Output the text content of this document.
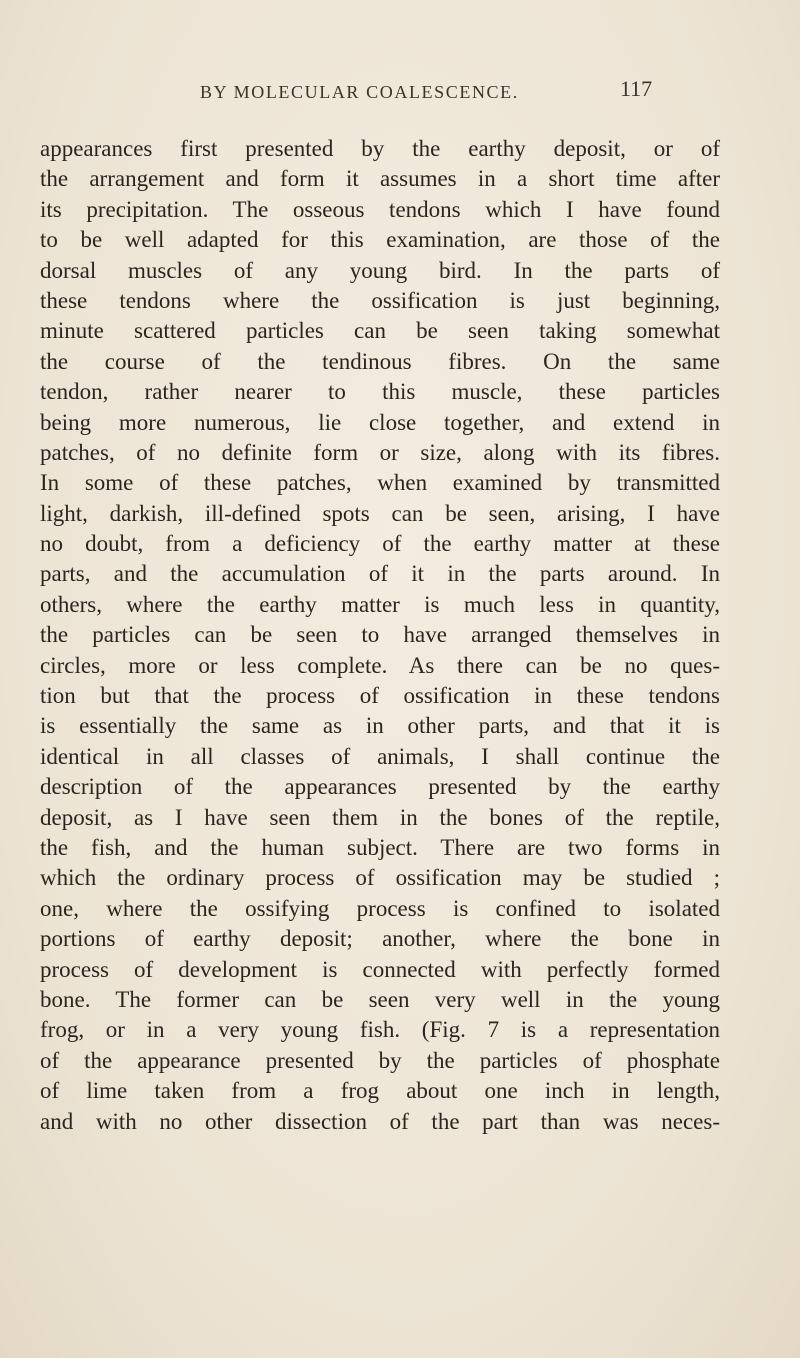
BY MOLECULAR COALESCENCE.	117
appearances first presented by the earthy deposit, or of
the arrangement and form it assumes in a short time after
its precipitation. The osseous tendons which I have found
to be well adapted for this examination, are those of the
dorsal muscles of any young bird. In the parts of
these tendons where the ossification is just beginning,
minute scattered particles can be seen taking somewhat
the course of the tendinous fibres. On the same
tendon, rather nearer to this muscle, these particles
being more numerous, lie close together, and extend in
patches, of no definite form or size, along with its fibres.
In some of these patches, when examined by transmitted
light, darkish, ill-defined spots can be seen, arising, I have
no doubt, from a deficiency of the earthy matter at these
parts, and the accumulation of it in the parts around. In
others, where the earthy matter is much less in quantity,
the particles can be seen to have arranged themselves in
circles, more or less complete. As there can be no ques-
tion but that the process of ossification in these tendons
is essentially the same as in other parts, and that it is
identical in all classes of animals, I shall continue the
description of the appearances presented by the earthy
deposit, as I have seen them in the bones of the reptile,
the fish, and the human subject. There are two forms in
which the ordinary process of ossification may be studied ;
one, where the ossifying process is confined to isolated
portions of earthy deposit; another, where the bone in
process of development is connected with perfectly formed
bone. The former can be seen very well in the young
frog, or in a very young fish. (Fig. 7 is a representation
of the appearance presented by the particles of phosphate
of lime taken from a frog about one inch in length,
and with no other dissection of the part than was neces-
